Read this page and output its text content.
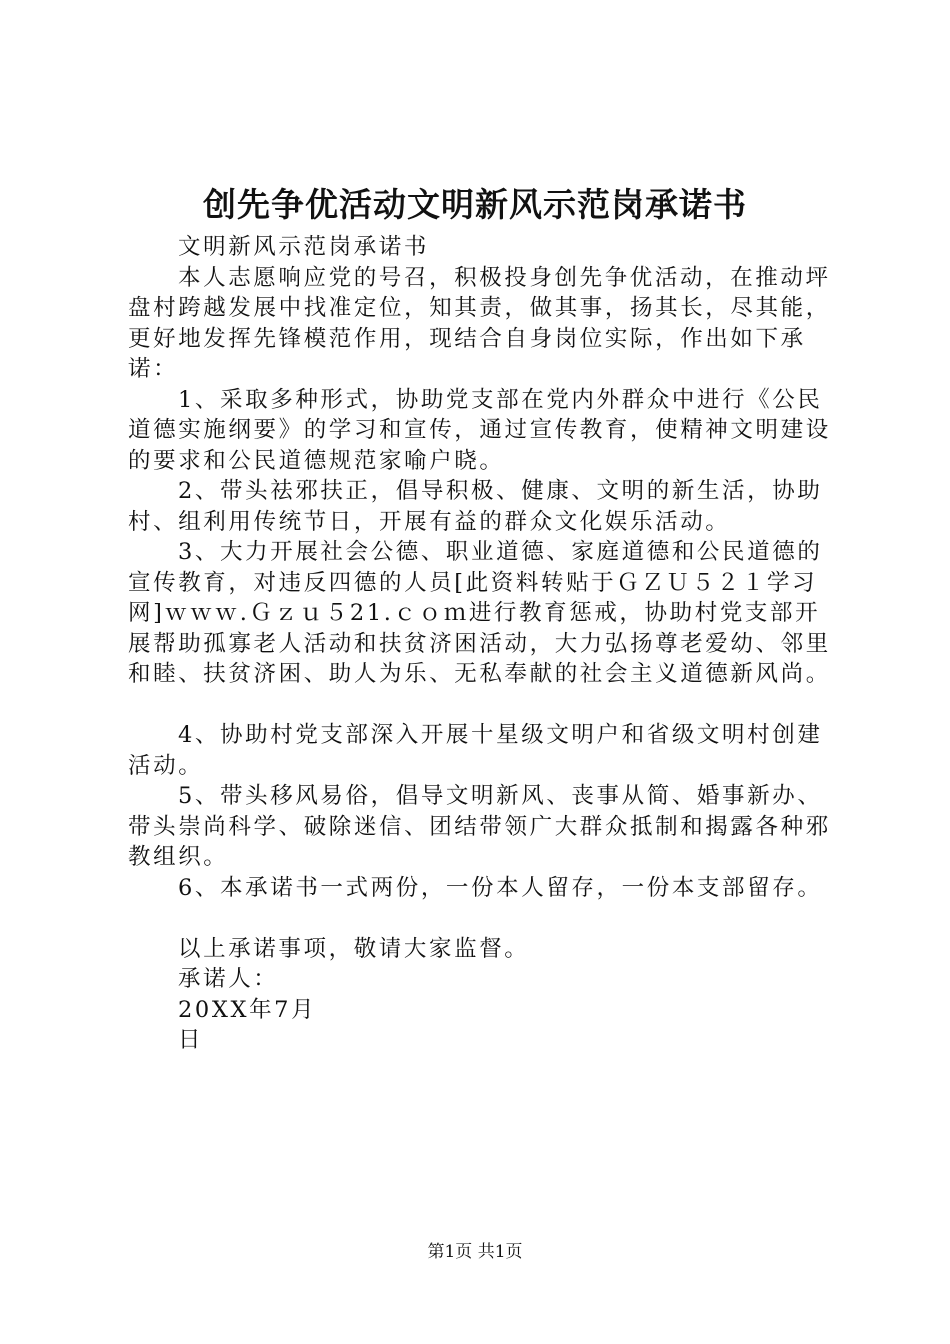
创先争优活动文明新风示范岗承诺书

文明新风示范岗承诺书

本人志愿响应党的号召，积极投身创先争优活动，在推动坪盘村跨越发展中找准定位，知其责，做其事，扬其长，尽其能，更好地发挥先锋模范作用，现结合自身岗位实际，作出如下承诺：

1、采取多种形式，协助党支部在党内外群众中进行《公民道德实施纲要》的学习和宣传，通过宣传教育，使精神文明建设的要求和公民道德规范家喻户晓。

2、带头祛邪扶正，倡导积极、健康、文明的新生活，协助村、组利用传统节日，开展有益的群众文化娱乐活动。

3、大力开展社会公德、职业道德、家庭道德和公民道德的宣传教育，对违反四德的人员[此资料转贴于ＧＺＵ５２１学习网]ｗｗｗ.Ｇｚｕ５21.ｃｏｍ进行教育惩戒，协助村党支部开展帮助孤寡老人活动和扶贫济困活动，大力弘扬尊老爱幼、邻里和睦、扶贫济困、助人为乐、无私奉献的社会主义道德新风尚。

4、协助村党支部深入开展十星级文明户和省级文明村创建活动。

5、带头移风易俗，倡导文明新风、丧事从简、婚事新办、带头崇尚科学、破除迷信、团结带领广大群众抵制和揭露各种邪教组织。

6、本承诺书一式两份，一份本人留存，一份本支部留存。

以上承诺事项，敬请大家监督。

承诺人：

20XX年7月

日

第1页 共1页
